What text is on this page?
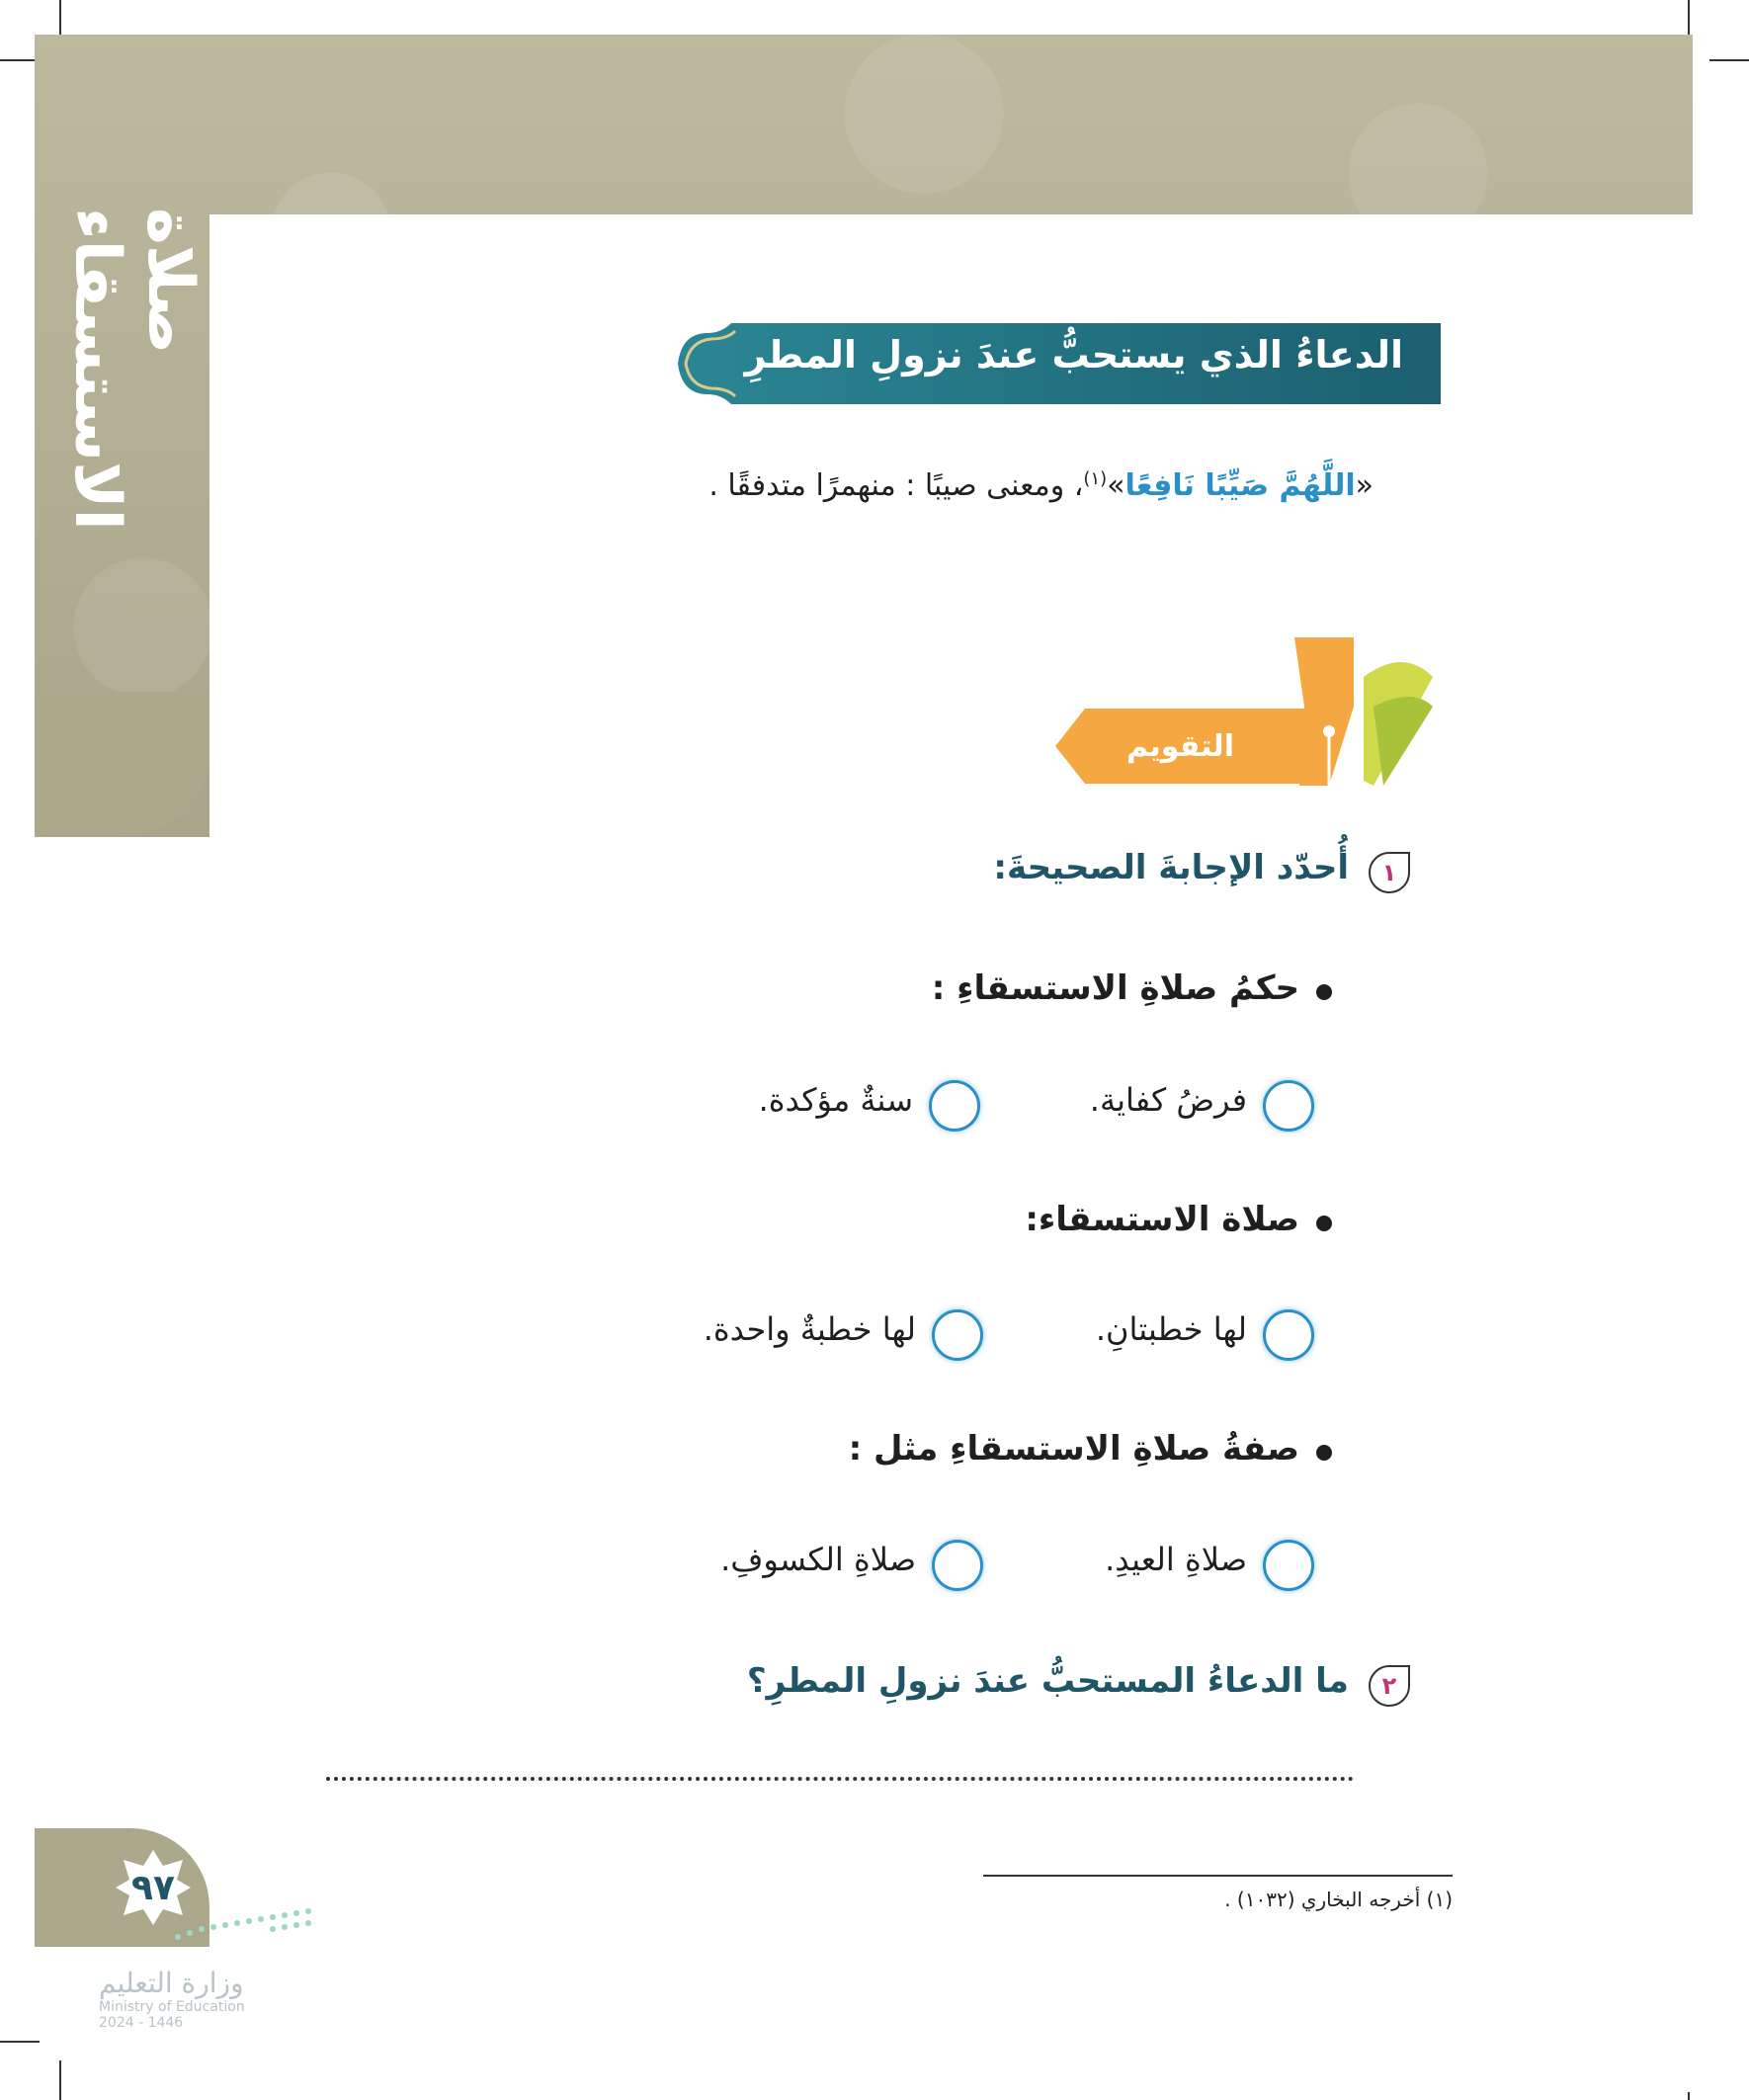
الدعاءُ الذي يستحبُّ عندَ نزولِ المطرِ
«اللَّهُمَّ صَيِّبًا نَافِعًا»$^{(١)}$، ومعنى صيبًا : منهمرًا متدفقًا .
التقويم
١
أُحدّد الإجابةَ الصحيحةَ:
حكمُ صلاةِ الاستسقاءِ :
فرضُ كفاية.
سنةٌ مؤكدة.
صلاة الاستسقاء:
لها خطبتانِ.
لها خطبةٌ واحدة.
صفةُ صلاةِ الاستسقاءِ مثل :
صلاةِ العيدِ.
صلاةِ الكسوفِ.
٢
ما الدعاءُ المستحبُّ عندَ نزولِ المطرِ؟
(١) أخرجه البخاري (١٠٣٢) .
٩٧
وزارة التعليم
Ministry of Education
2024 - 1446
